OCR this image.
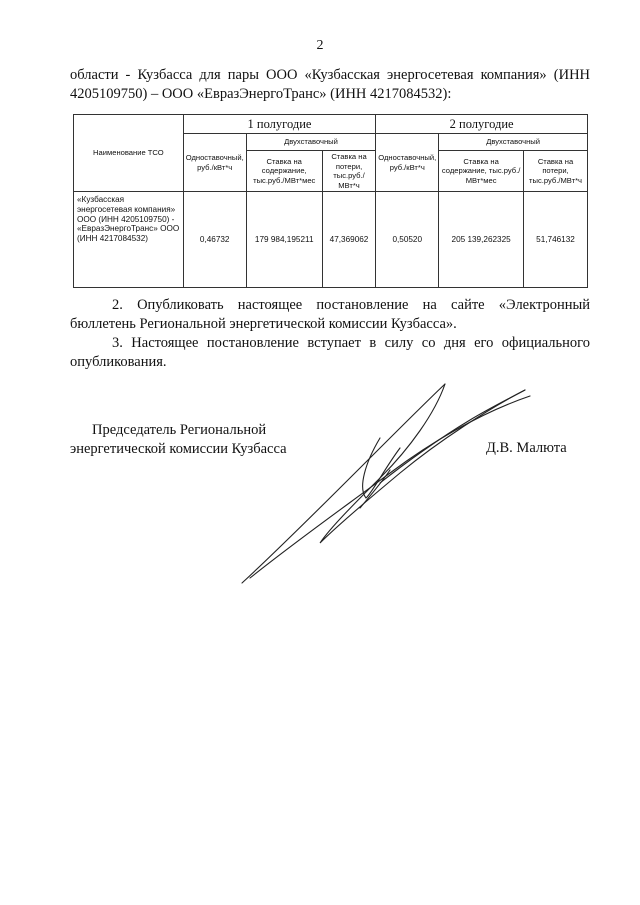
2
области - Кузбасса для пары ООО «Кузбасская энергосетевая компания» (ИНН 4205109750) – ООО «ЕвразЭнергоТранс» (ИНН 4217084532):
Наименование ТСО	1 полугодие			2 полугодие		
	Одноставочный, руб./кВт*ч	Двухставочный		Одноставочный, руб./кВт*ч	Двухставочный	
		Ставка на содержание, тыс.руб./МВт*мес	Ставка на потери, тыс.руб./МВт*ч		Ставка на содержание, тыс.руб./МВт*мес	Ставка на потери, тыс.руб./МВт*ч
«Кузбасская энергосетевая компания» ООО (ИНН 4205109750) - «ЕвразЭнергоТранс» ООО (ИНН 4217084532)	0,46732	179 984,195211	47,369062	0,50520	205 139,262325	51,746132
2. Опубликовать настоящее постановление на сайте «Электронный бюллетень Региональной энергетической комиссии Кузбасса».
3. Настоящее постановление вступает в силу со дня его официального опубликования.
Председатель Региональной
энергетической комиссии Кузбасса	Д.В. Малюта
